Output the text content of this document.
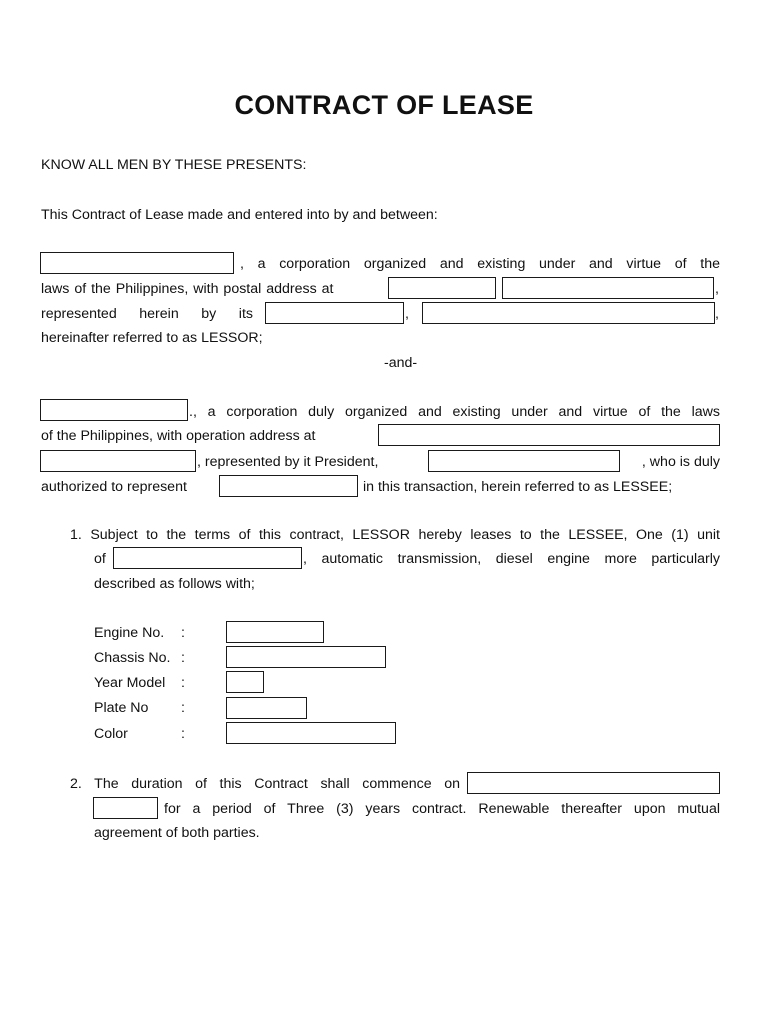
CONTRACT OF LEASE
KNOW ALL MEN BY THESE PRESENTS:
This Contract of Lease made and entered into by and between:
, a corporation organized and existing under and virtue of the
laws of the Philippines, with postal address at	,
represented herein by its	,	,
hereinafter referred to as LESSOR;
-and-
., a corporation duly organized and existing under and virtue of the laws
of the Philippines, with operation address at
, represented by it President,	, who is duly
authorized to represent	in this transaction, herein referred to as LESSEE;
1. Subject to the terms of this contract, LESSOR hereby leases to the LESSEE, One (1) unit
of	, automatic transmission, diesel engine more particularly
described as follows with;
Engine No. :
Chassis No. :
Year Model :
Plate No :
Color	:
2. The duration of this Contract shall commence on
for a period of Three (3) years contract. Renewable thereafter upon mutual
agreement of both parties.
